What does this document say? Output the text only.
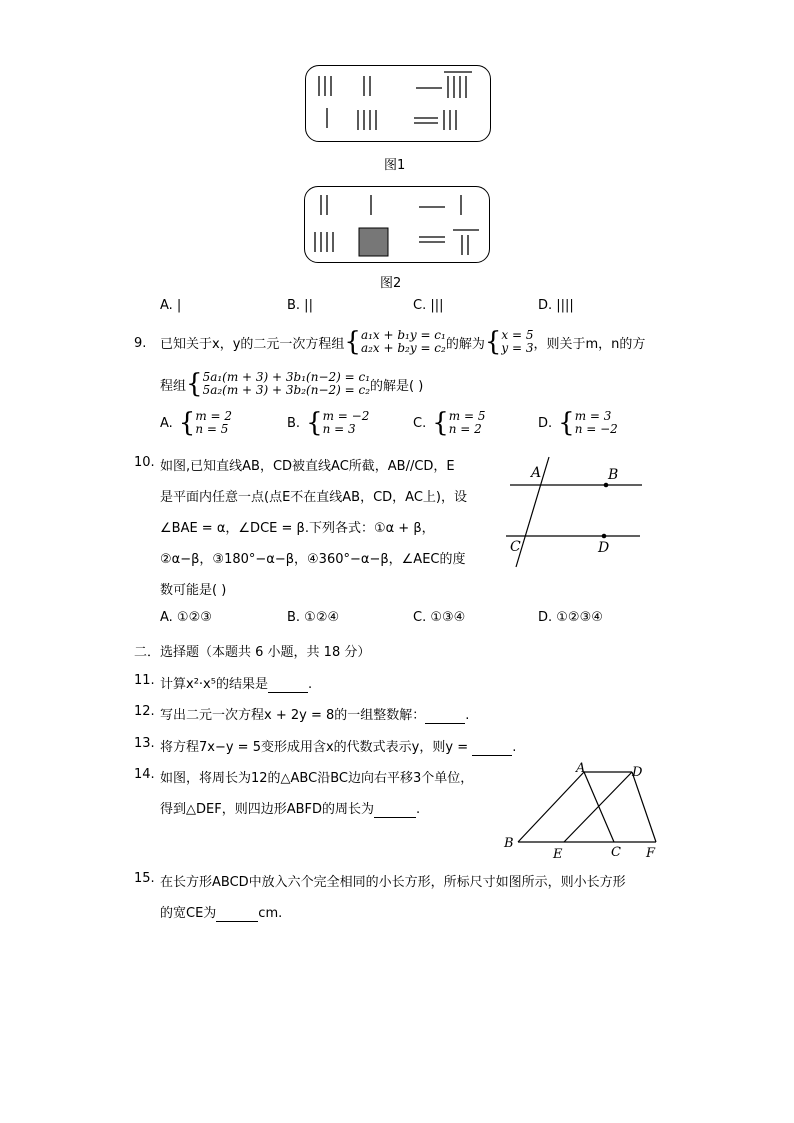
图1
图2
A. |	B. ||	C. |||	D. ||||
9. 已知关于x，y的二元一次方程组 { a₁x + b₁y = c₁
a₂x + b₂y = c₂ 的解为 { x = 5
y = 3 ，则关于m，n的方
程组 { 5a₁(m + 3) + 3b₁(n−2) = c₁
5a₂(m + 3) + 3b₂(n−2) = c₂ 的解是( )
A. { m = 2
n = 5	B. { m = −2
n = 3	C. { m = 5
n = 2	D. { m = 3
n = −2
10. 如图,已知直线AB，CD被直线AC所截，AB//CD，E
是平面内任意一点(点E不在直线AB，CD，AC上)，设
∠BAE = α，∠DCE = β.下列各式：①α + β，
②α−β，③180°−α−β，④360°−α−β，∠AEC的度
数可能是( )
A	B
C	D
A. ①②③	B. ①②④	C. ①③④	D. ①②③④
二．选择题（本题共 6 小题，共 18 分）
11. 计算x²·x⁵的结果是	.
12. 写出二元一次方程x + 2y = 8的一组整数解：	.
13. 将方程7x−y = 5变形成用含x的代数式表示y，则y =	.
14. 如图，将周长为12的△ABC沿BC边向右平移3个单位，
得到△DEF，则四边形ABFD的周长为	.
A	D
B
E	C F
15. 在长方形ABCD中放入六个完全相同的小长方形，所标尺寸如图所示，则小长方形
的宽CE为	cm.
